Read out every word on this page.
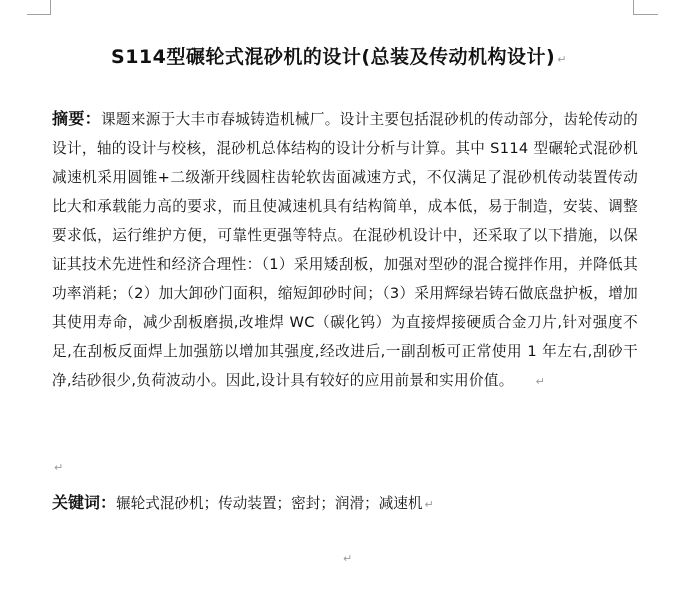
S114型碾轮式混砂机的设计(总装及传动机构设计) ↵
摘要：课题来源于大丰市春城铸造机械厂。设计主要包括混砂机的传动部分，齿轮传动的设计，轴的设计与校核，混砂机总体结构的设计分析与计算。其中 S114 型碾轮式混砂机减速机采用圆锥+二级渐开线圆柱齿轮软齿面减速方式，不仅满足了混砂机传动装置传动比大和承载能力高的要求，而且使减速机具有结构简单，成本低，易于制造，安装、调整要求低，运行维护方便，可靠性更强等特点。在混砂机设计中，还采取了以下措施，以保证其技术先进性和经济合理性：（1）采用矮刮板，加强对型砂的混合搅拌作用，并降低其功率消耗；（2）加大卸砂门面积，缩短卸砂时间；（3）采用辉绿岩铸石做底盘护板，增加其使用寿命，减少刮板磨损,改堆焊 WC（碳化钨）为直接焊接硬质合金刀片,针对强度不足,在刮板反面焊上加强筋以增加其强度,经改进后,一副刮板可正常使用 1 年左右,刮砂干净,结砂很少,负荷波动小。因此,设计具有较好的应用前景和实用价值。 ↵
↵
关键词：辗轮式混砂机；传动装置；密封；润滑；减速机 ↵
↵
